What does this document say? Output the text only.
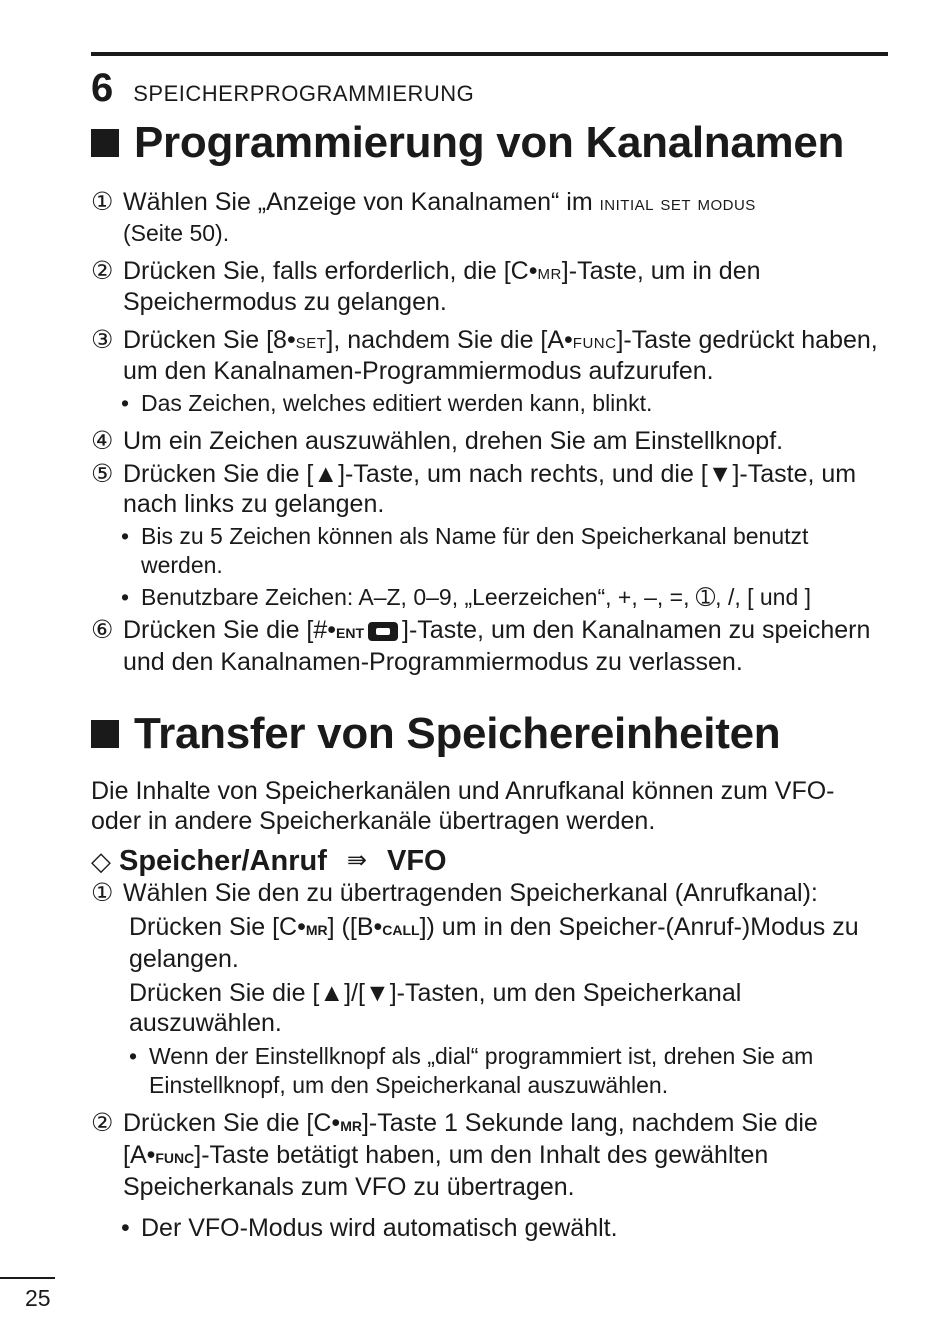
6 SPEICHERPROGRAMMIERUNG
Programmierung von Kanalnamen
① Wählen Sie „Anzeige von Kanalnamen“ im initial set modus
(Seite 50).
② Drücken Sie, falls erforderlich, die [C•mr]-Taste, um in den Speichermodus zu gelangen.
③ Drücken Sie [8•set], nachdem Sie die [A•func]-Taste gedrückt haben, um den Kanalnamen-Programmiermodus aufzurufen.
• Das Zeichen, welches editiert werden kann, blinkt.
④ Um ein Zeichen auszuwählen, drehen Sie am Einstellknopf.
⑤ Drücken Sie die [▲]-Taste, um nach rechts, und die [▼]-Taste, um nach links zu gelangen.
• Bis zu 5 Zeichen können als Name für den Speicherkanal benutzt werden.
• Benutzbare Zeichen: A–Z, 0–9, „Leerzeichen“, +, –, =, ➀, /, [ und ]
⑥ Drücken Sie die [#•ent ]-Taste, um den Kanalnamen zu speichern und den Kanalnamen-Programmiermodus zu verlassen.
Transfer von Speichereinheiten
Die Inhalte von Speicherkanälen und Anrufkanal können zum VFO- oder in andere Speicherkanäle übertragen werden.
◇ Speicher/Anruf ⇛ VFO
① Wählen Sie den zu übertragenden Speicherkanal (Anrufkanal):
Drücken Sie [C•mr] ([B•call]) um in den Speicher-(Anruf-)Modus zu gelangen.
Drücken Sie die [▲]/[▼]-Tasten, um den Speicherkanal auszuwählen.
• Wenn der Einstellknopf als „dial“ programmiert ist, drehen Sie am Einstellknopf, um den Speicherkanal auszuwählen.
② Drücken Sie die [C•mr]-Taste 1 Sekunde lang, nachdem Sie die [A•func]-Taste betätigt haben, um den Inhalt des gewählten Speicherkanals zum VFO zu übertragen.
• Der VFO-Modus wird automatisch gewählt.
25
